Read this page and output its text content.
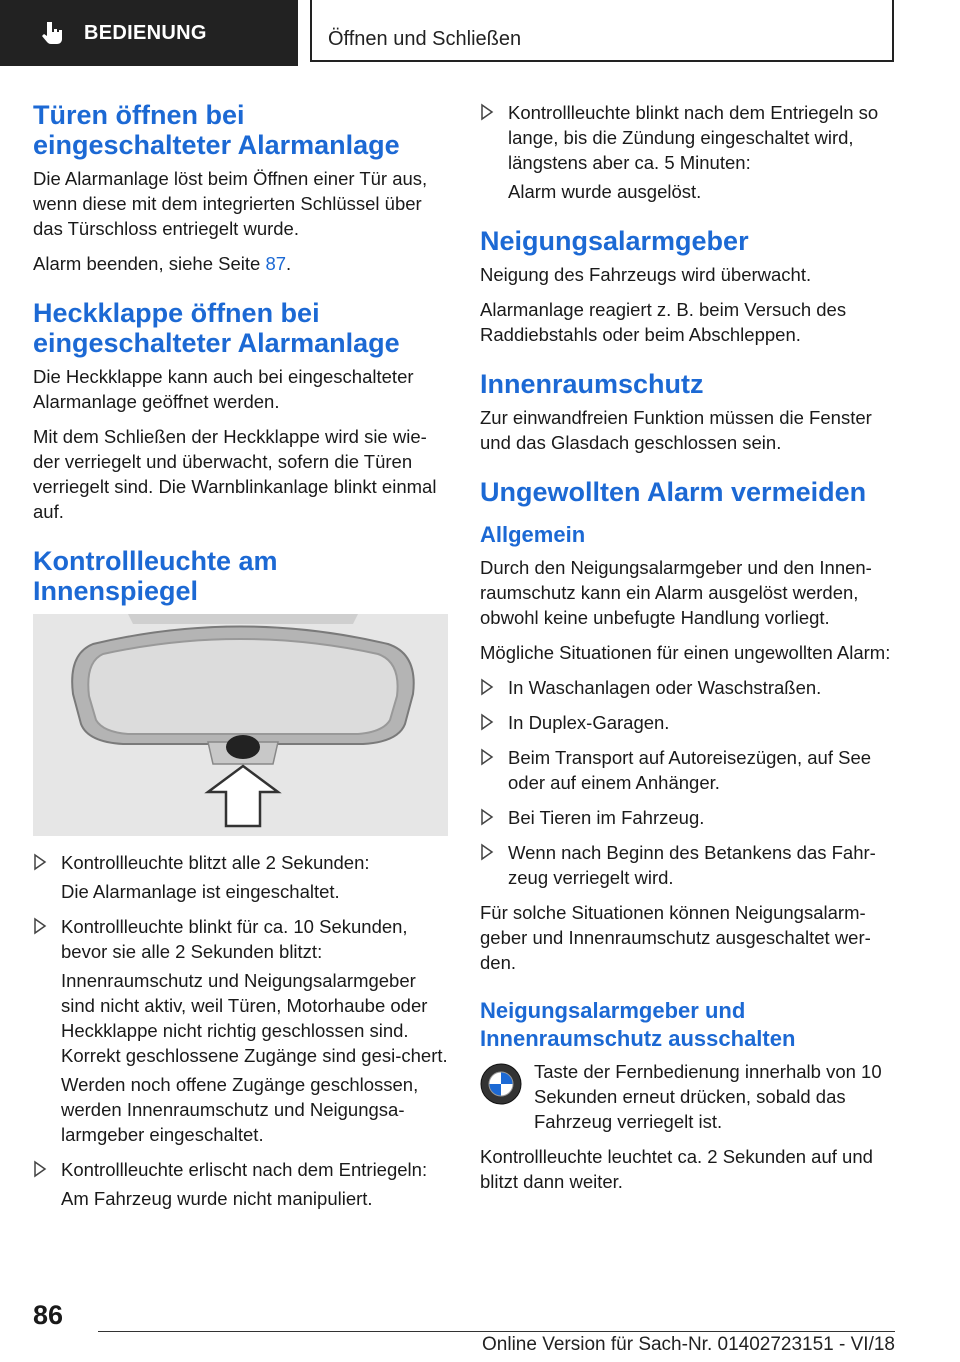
BEDIENUNG	Öffnen und Schließen
Türen öffnen bei eingeschalteter Alarmanlage

Die Alarmanlage löst beim Öffnen einer Tür aus, wenn diese mit dem integrierten Schlüssel über das Türschloss entriegelt wurde.

Alarm beenden, siehe Seite 87.

Heckklappe öffnen bei eingeschalteter Alarmanlage

Die Heckklappe kann auch bei eingeschalteter Alarmanlage geöffnet werden.

Mit dem Schließen der Heckklappe wird sie wie-der verriegelt und überwacht, sofern die Türen verriegelt sind. Die Warnblinkanlage blinkt einmal auf.

Kontrollleuchte am Innenspiegel
Kontrollleuchte blitzt alle 2 Sekunden:

Die Alarmanlage ist eingeschaltet.

Kontrollleuchte blinkt für ca. 10 Sekunden, bevor sie alle 2 Sekunden blitzt:

Innenraumschutz und Neigungsalarmgeber sind nicht aktiv, weil Türen, Motorhaube oder Heckklappe nicht richtig geschlossen sind. Korrekt geschlossene Zugänge sind gesi-chert.

Werden noch offene Zugänge geschlossen, werden Innenraumschutz und Neigungsa-larmgeber eingeschaltet.

Kontrollleuchte erlischt nach dem Entriegeln:

Am Fahrzeug wurde nicht manipuliert.

Kontrollleuchte blinkt nach dem Entriegeln so lange, bis die Zündung eingeschaltet wird, längstens aber ca. 5 Minuten:

Alarm wurde ausgelöst.

Neigungsalarmgeber

Neigung des Fahrzeugs wird überwacht.

Alarmanlage reagiert z. B. beim Versuch des Raddiebstahls oder beim Abschleppen.

Innenraumschutz

Zur einwandfreien Funktion müssen die Fenster und das Glasdach geschlossen sein.

Ungewollten Alarm vermeiden
Allgemein

Durch den Neigungsalarmgeber und den Innen-raumschutz kann ein Alarm ausgelöst werden, obwohl keine unbefugte Handlung vorliegt.

Mögliche Situationen für einen ungewollten Alarm:

In Waschanlagen oder Waschstraßen.
In Duplex-Garagen.
Beim Transport auf Autoreisezügen, auf See oder auf einem Anhänger.
Bei Tieren im Fahrzeug.
Wenn nach Beginn des Betankens das Fahr-zeug verriegelt wird.

Für solche Situationen können Neigungsalarm-geber und Innenraumschutz ausgeschaltet wer-den.

Neigungsalarmgeber und Innenraumschutz ausschalten

Taste der Fernbedienung innerhalb von 10 Sekunden erneut drücken, sobald das Fahrzeug verriegelt ist.

Kontrollleuchte leuchtet ca. 2 Sekunden auf und blitzt dann weiter.

86
Online Version für Sach-Nr. 01402723151 - VI/18
